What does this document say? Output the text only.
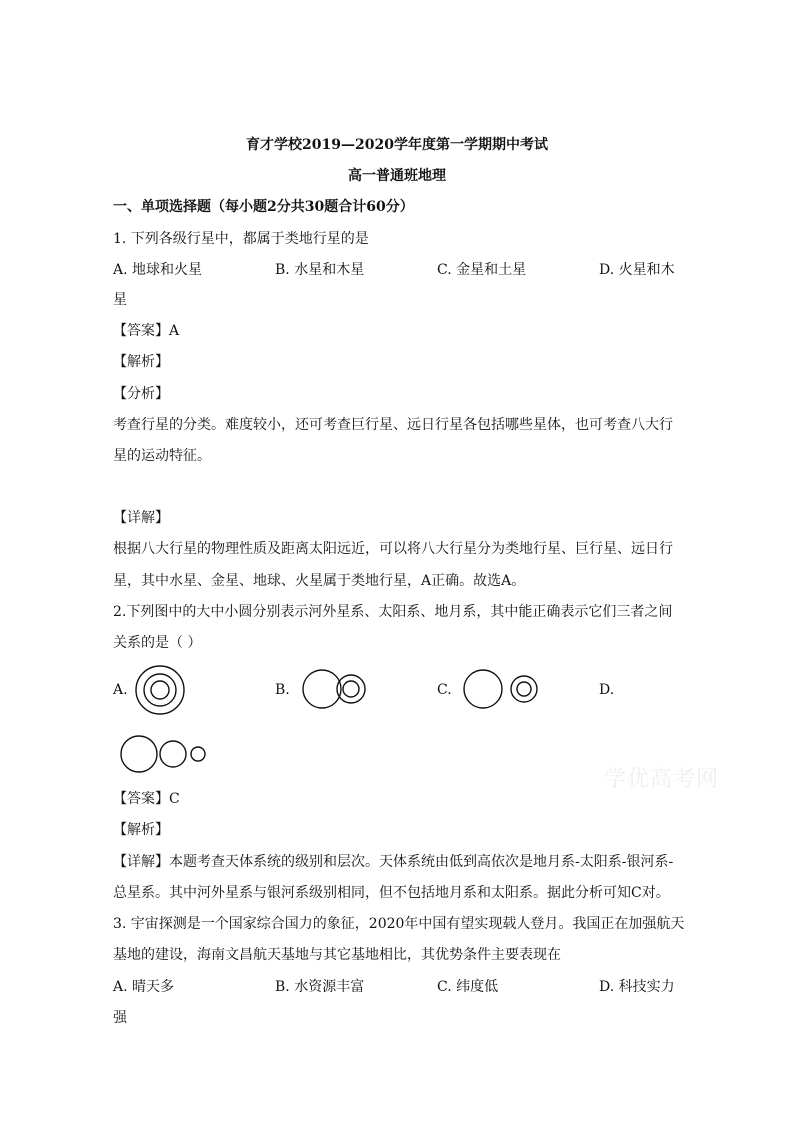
育才学校2019—2020学年度第一学期期中考试
高一普通班地理
一、单项选择题（每小题2分共30题合计60分）
1. 下列各级行星中，都属于类地行星的是
A. 地球和火星	B. 水星和木星	C. 金星和土星	D. 火星和木
星
【答案】A
【解析】
【分析】
考查行星的分类。难度较小，还可考查巨行星、远日行星各包括哪些星体，也可考查八大行
星的运动特征。
【详解】
根据八大行星的物理性质及距离太阳远近，可以将八大行星分为类地行星、巨行星、远日行
星，其中水星、金星、地球、火星属于类地行星，A正确。故选A。
2.下列图中的大中小圆分别表示河外星系、太阳系、地月系，其中能正确表示它们三者之间
关系的是（ ）
A.	B.	C.	D.
【答案】C
【解析】
【详解】本题考查天体系统的级别和层次。天体系统由低到高依次是地月系-太阳系-银河系-
总星系。其中河外星系与银河系级别相同，但不包括地月系和太阳系。据此分析可知C对。
3. 宇宙探测是一个国家综合国力的象征，2020年中国有望实现载人登月。我国正在加强航天
基地的建设，海南文昌航天基地与其它基地相比，其优势条件主要表现在
A. 晴天多	B. 水资源丰富	C. 纬度低	D. 科技实力
强
学优高考网
